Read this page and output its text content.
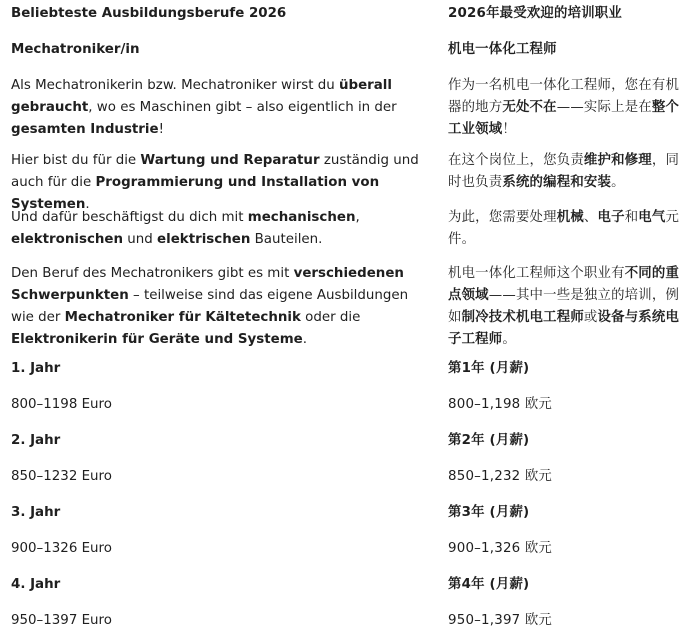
Beliebteste Ausbildungsberufe 2026	2026年最受欢迎的培训职业

Mechatroniker/in	机电一体化工程师

Als Mechatronikerin bzw. Mechatroniker wirst du überall gebraucht, wo es Maschinen gibt – also eigentlich in der gesamten Industrie!

作为一名机电一体化工程师，您在有机器的地方无处不在——实际上是在整个工业领域！

Hier bist du für die Wartung und Reparatur zuständig und auch für die Programmierung und Installation von Systemen.

在这个岗位上，您负责维护和修理，同时也负责系统的编程和安装。

Und dafür beschäftigst du dich mit mechanischen, elektronischen und elektrischen Bauteilen.

为此，您需要处理机械、电子和电气元件。

Den Beruf des Mechatronikers gibt es mit verschiedenen Schwerpunkten – teilweise sind das eigene Ausbildungen wie der Mechatroniker für Kältetechnik oder die Elektronikerin für Geräte und Systeme.

机电一体化工程师这个职业有不同的重点领域——其中一些是独立的培训，例如制冷技术机电工程师或设备与系统电子工程师。

1. Jahr	第1年 (月薪)

800–1198 Euro	800–1,198 欧元

2. Jahr	第2年 (月薪)

850–1232 Euro	850–1,232 欧元

3. Jahr	第3年 (月薪)

900–1326 Euro	900–1,326 欧元

4. Jahr	第4年 (月薪)

950–1397 Euro	950–1,397 欧元
